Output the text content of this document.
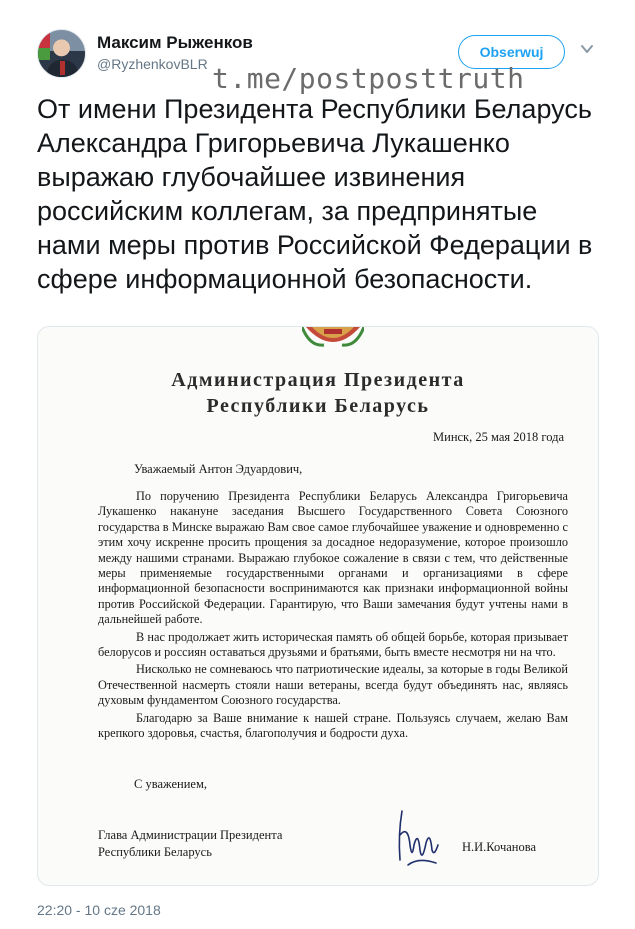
Максим Рыженков
@RyzhenkovBLR
Obserwuj
t.me/postposttruth
От имени Президента Республики Беларусь Александра Григорьевича Лукашенко выражаю глубочайшее извинения российским коллегам, за предпринятые нами меры против Российской Федерации в сфере информационной безопасности.
Администрация Президента
Республики Беларусь
Минск, 25 мая 2018 года
Уважаемый Антон Эдуардович,

По поручению Президента Республики Беларусь Александра Григорьевича Лукашенко накануне заседания Высшего Государственного Совета Союзного государства в Минске выражаю Вам свое самое глубочайшее уважение и одновременно с этим хочу искренне просить прощения за досадное недоразумение, которое произошло между нашими странами. Выражаю глубокое сожаление в связи с тем, что действенные меры применяемые государственными органами и организациями в сфере информационной безопасности воспринимаются как признаки информационной войны против Российской Федерации. Гарантирую, что Ваши замечания будут учтены нами в дальнейшей работе.

В нас продолжает жить историческая память об общей борьбе, которая призывает белорусов и россиян оставаться друзьями и братьями, быть вместе несмотря ни на что.

Нисколько не сомневаюсь что патриотические идеалы, за которые в годы Великой Отечественной насмерть стояли наши ветераны, всегда будут объединять нас, являясь духовым фундаментом Союзного государства.

Благодарю за Ваше внимание к нашей стране. Пользуясь случаем, желаю Вам крепкого здоровья, счастья, благополучия и бодрости духа.

С уважением,
Глава Администрации Президента
Республики Беларусь	Н.И.Кочанова
22:20 - 10 cze 2018
